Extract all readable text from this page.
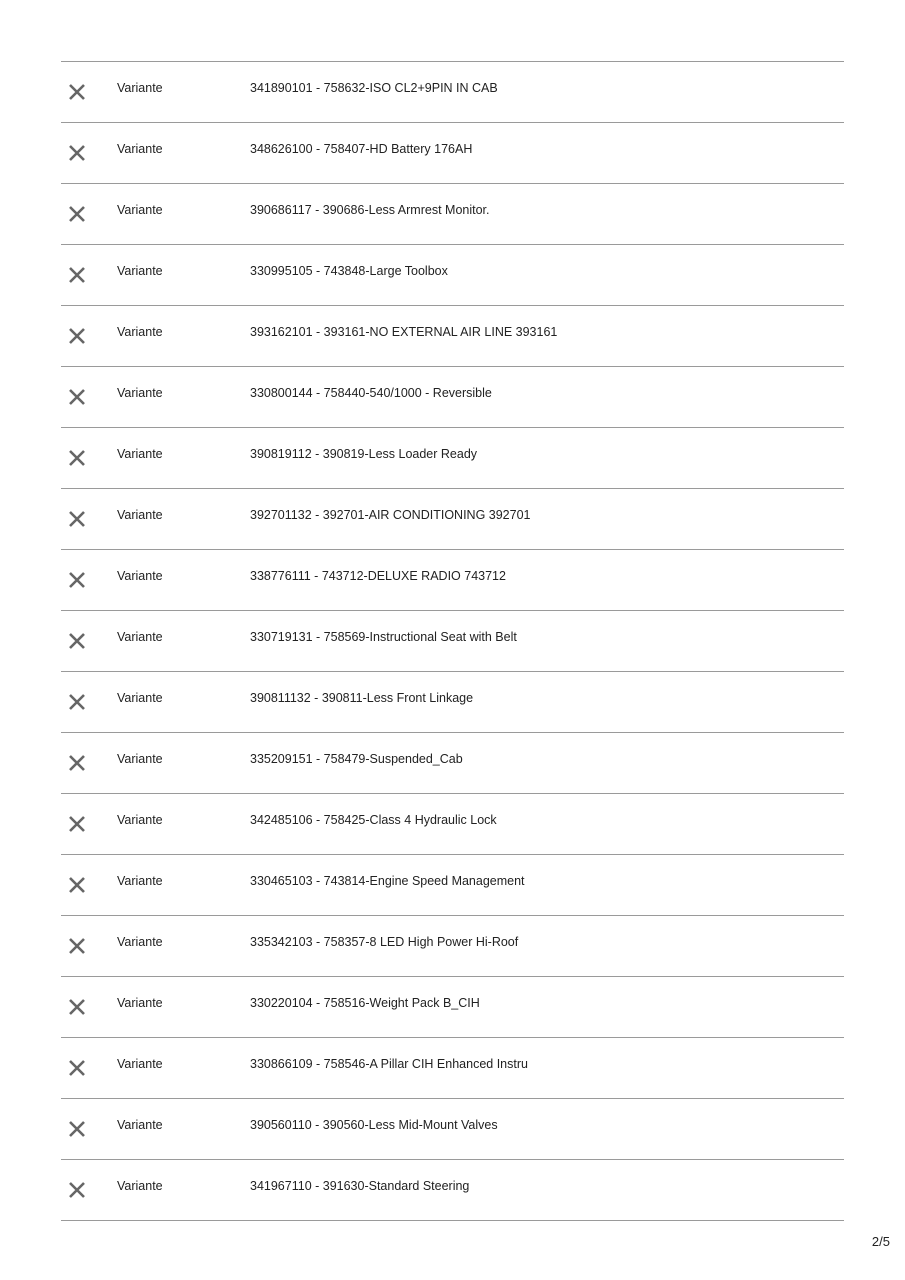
Variante	341890101 - 758632-ISO CL2+9PIN IN CAB
Variante	348626100 - 758407-HD Battery 176AH
Variante	390686117 - 390686-Less Armrest Monitor.
Variante	330995105 - 743848-Large Toolbox
Variante	393162101 - 393161-NO EXTERNAL AIR LINE 393161
Variante	330800144 - 758440-540/1000 - Reversible
Variante	390819112 - 390819-Less Loader Ready
Variante	392701132 - 392701-AIR CONDITIONING 392701
Variante	338776111 - 743712-DELUXE RADIO 743712
Variante	330719131 - 758569-Instructional Seat with Belt
Variante	390811132 - 390811-Less Front Linkage
Variante	335209151 - 758479-Suspended_Cab
Variante	342485106 - 758425-Class 4 Hydraulic Lock
Variante	330465103 - 743814-Engine Speed Management
Variante	335342103 - 758357-8 LED High Power Hi-Roof
Variante	330220104 - 758516-Weight Pack B_CIH
Variante	330866109 - 758546-A Pillar CIH Enhanced Instru
Variante	390560110 - 390560-Less Mid-Mount Valves
Variante	341967110 - 391630-Standard Steering
2/5
